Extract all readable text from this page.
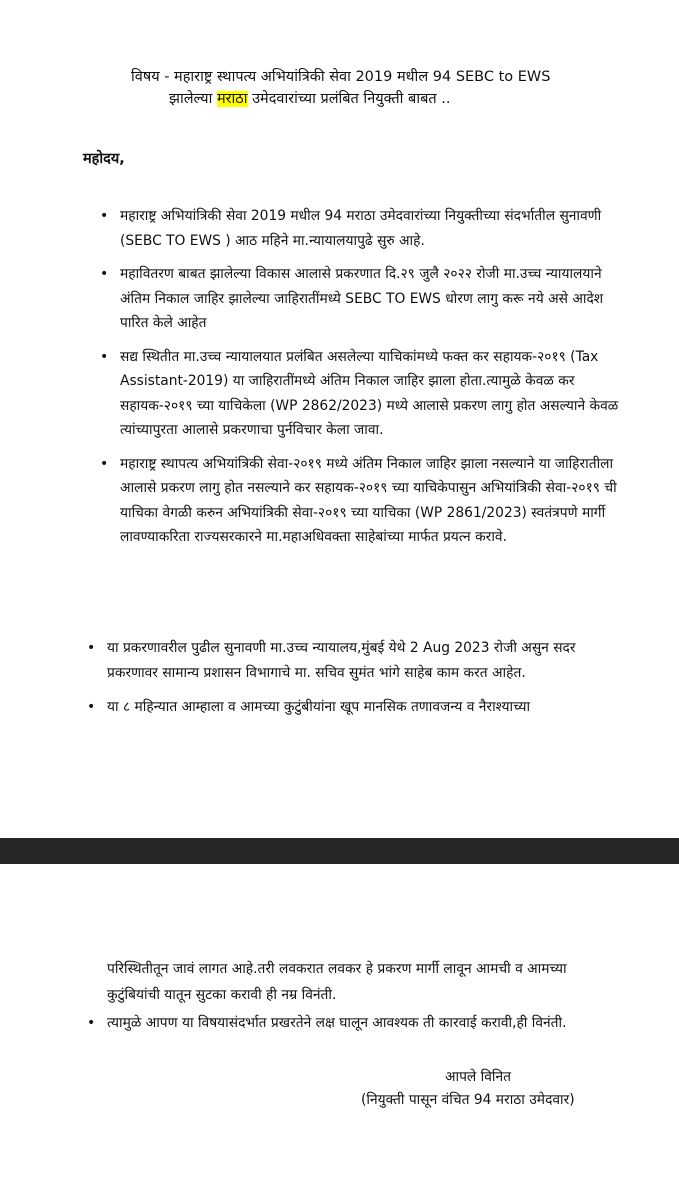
विषय - महाराष्ट्र स्थापत्य अभियांत्रिकी सेवा 2019 मधील 94 SEBC to EWS
झालेल्या मराठा उमेदवारांच्या प्रलंबित नियुक्ती बाबत ..
महोदय,
• महाराष्ट्र अभियांत्रिकी सेवा 2019 मधील 94 मराठा उमेदवारांच्या नियुक्तीच्या संदर्भातील सुनावणी (SEBC TO EWS ) आठ महिने मा.न्यायालयापुढे सुरु आहे.
• महावितरण बाबत झालेल्या विकास आलासे प्रकरणात दि.२९ जुलै २०२२ रोजी मा.उच्च न्यायालयाने अंतिम निकाल जाहिर झालेल्या जाहिरातींमध्ये SEBC TO EWS धोरण लागु करू नये असे आदेश पारित केले आहेत
• सद्य स्थितीत मा.उच्च न्यायालयात प्रलंबित असलेल्या याचिकांमध्ये फक्त कर सहायक-२०१९ (Tax Assistant-2019) या जाहिरातींमध्ये अंतिम निकाल जाहिर झाला होता.त्यामुळे केवळ कर सहायक-२०१९ च्या याचिकेला (WP 2862/2023) मध्ये आलासे प्रकरण लागु होत असल्याने केवळ त्यांच्यापुरता आलासे प्रकरणाचा पुर्नविचार केला जावा.
• महाराष्ट्र स्थापत्य अभियांत्रिकी सेवा-२०१९ मध्ये अंतिम निकाल जाहिर झाला नसल्याने या जाहिरातीला आलासे प्रकरण लागु होत नसल्याने कर सहायक-२०१९ च्या याचिकेपासुन अभियांत्रिकी सेवा-२०१९ ची याचिका वेगळी करुन अभियांत्रिकी सेवा-२०१९ च्या याचिका (WP 2861/2023) स्वतंत्रपणे मार्गी लावण्याकरिता राज्यसरकारने मा.महाअधिवक्ता साहेबांच्या मार्फत प्रयत्न करावे.
• या प्रकरणावरील पुढील सुनावणी मा.उच्च न्यायालय,मुंबई येथे 2 Aug 2023 रोजी असुन सदर प्रकरणावर सामान्य प्रशासन विभागाचे मा. सचिव सुमंत भांगे साहेब काम करत आहेत.
• या ८ महिन्यात आम्हाला व आमच्या कुटुंबीयांना खूप मानसिक तणावजन्य व नैराश्याच्या
परिस्थितीतून जावं लागत आहे.तरी लवकरात लवकर हे प्रकरण मार्गी लावून आमची व आमच्या कुटुंबियांची यातून सुटका करावी ही नम्र विनंती.
• त्यामुळे आपण या विषयासंदर्भात प्रखरतेने लक्ष घालून आवश्यक ती कारवाई करावी,ही विनंती.
आपले विनित
(नियुक्ती पासून वंचित 94 मराठा उमेदवार)
